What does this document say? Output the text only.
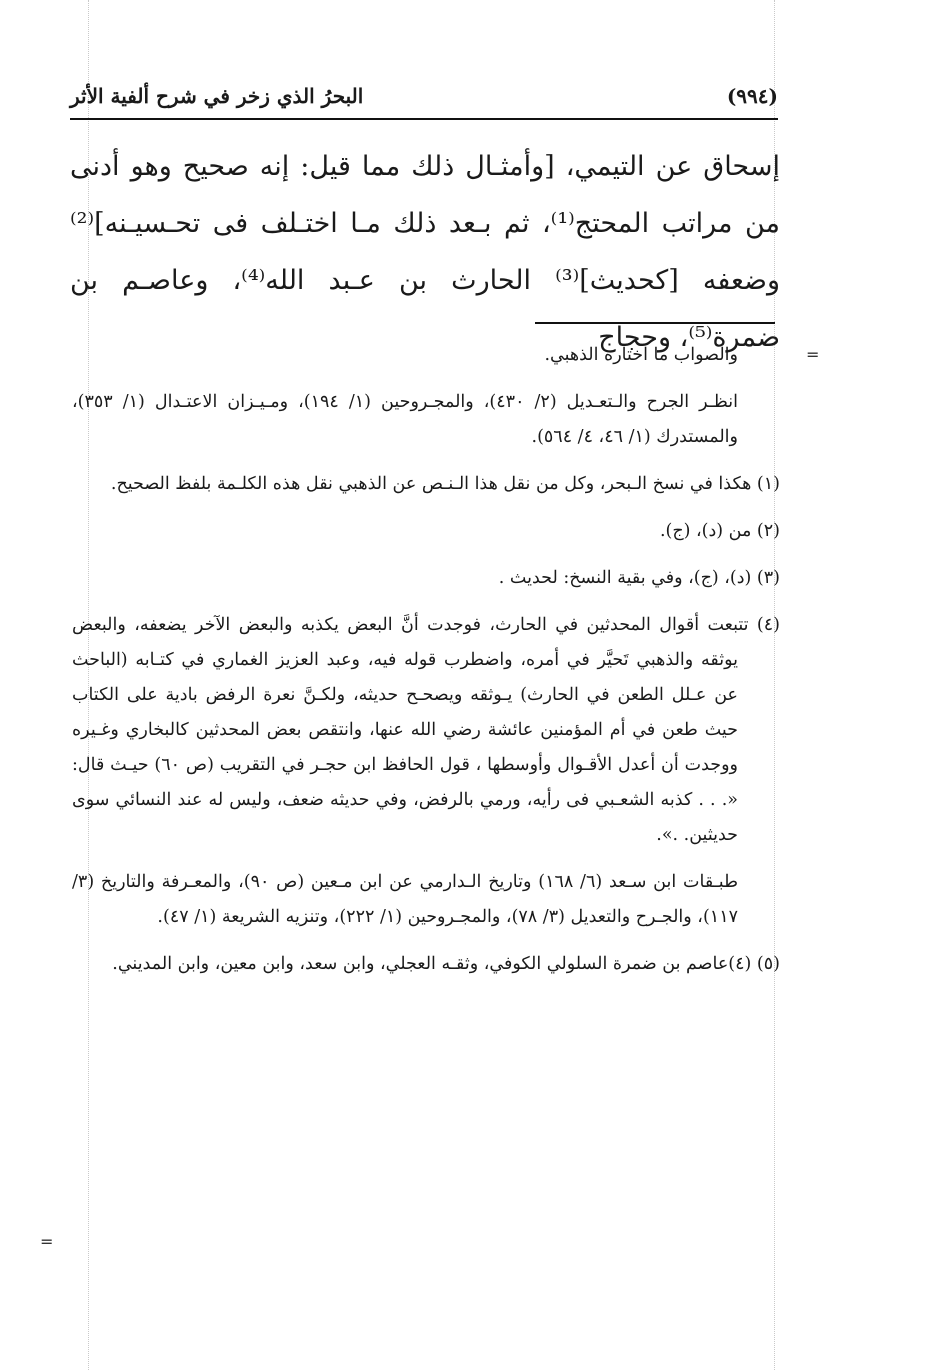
(٩٩٤)
البحرُ الذي زخر في شرح ألفية الأثر

إسحاق عن التيمي، [وأمثـال ذلك مما قيل: إنه صحيح وهو أدنى من مراتب المحتج⁽¹⁾، ثم بـعد ذلك مـا اختـلف فى تحـسيـنه]⁽²⁾ وضعفه [كحديث]⁽³⁾ الحارث بن عـبد الله⁽⁴⁾، وعاصـم بن ضمرة⁽⁵⁾، وحجاج

=
=

والصواب ما اختاره الذهبي.

انظـر الجرح والـتعـديل (٢/ ٤٣٠)، والمجـروحين (١/ ١٩٤)، ومـيـزان الاعتـدال (١/ ٣٥٣)، والمستدرك (١/ ٤٦، ٤/ ٥٦٤).

(١) هكذا في نسخ الـبحر، وكل من نقل هذا الـنـص عن الذهبي نقل هذه الكلـمة بلفظ الصحيح.

(٢) من (د)، (ج).

(٣) (د)، (ج)، وفي بقية النسخ: لحديث .

(٤) تتبعت أقوال المحدثين في الحارث، فوجدت أنَّ البعض يكذبه والبعض الآخر يضعفه، والبعض يوثقه والذهبي تَحيَّر في أمره، واضطرب قوله فيه، وعبد العزيز الغماري في كتـابه (الباحث عن عـلل الطعن في الحارث) يـوثقه ويصحـح حديثه، ولكـنَّ نعرة الرفض بادية على الكتاب حيث طعن في أم المؤمنين عائشة رضي الله عنها، وانتقص بعض المحدثين كالبخاري وغـيره ووجدت أن أعدل الأقـوال وأوسطها ، قول الحافظ ابن حجـر في التقريب (ص ٦٠) حيـث قال: «. . . كذبه الشعـبي فى رأيه، ورمي بالرفض، وفي حديثه ضعف، وليس له عند النسائي سوى حديثين. .».

طبـقات ابن سـعد (٦/ ١٦٨) وتاريخ الـدارمي عن ابن مـعين (ص ٩٠)، والمعـرفة والتاريخ (٣/ ١١٧)، والجـرح والتعديل (٣/ ٧٨)، والمجـروحين (١/ ٢٢٢)، وتنزيه الشريعة (١/ ٤٧).

(٥) (٤)عاصم بن ضمرة السلولي الكوفي، وثقـه العجلي، وابن سعد، وابن معين، وابن المديني.
